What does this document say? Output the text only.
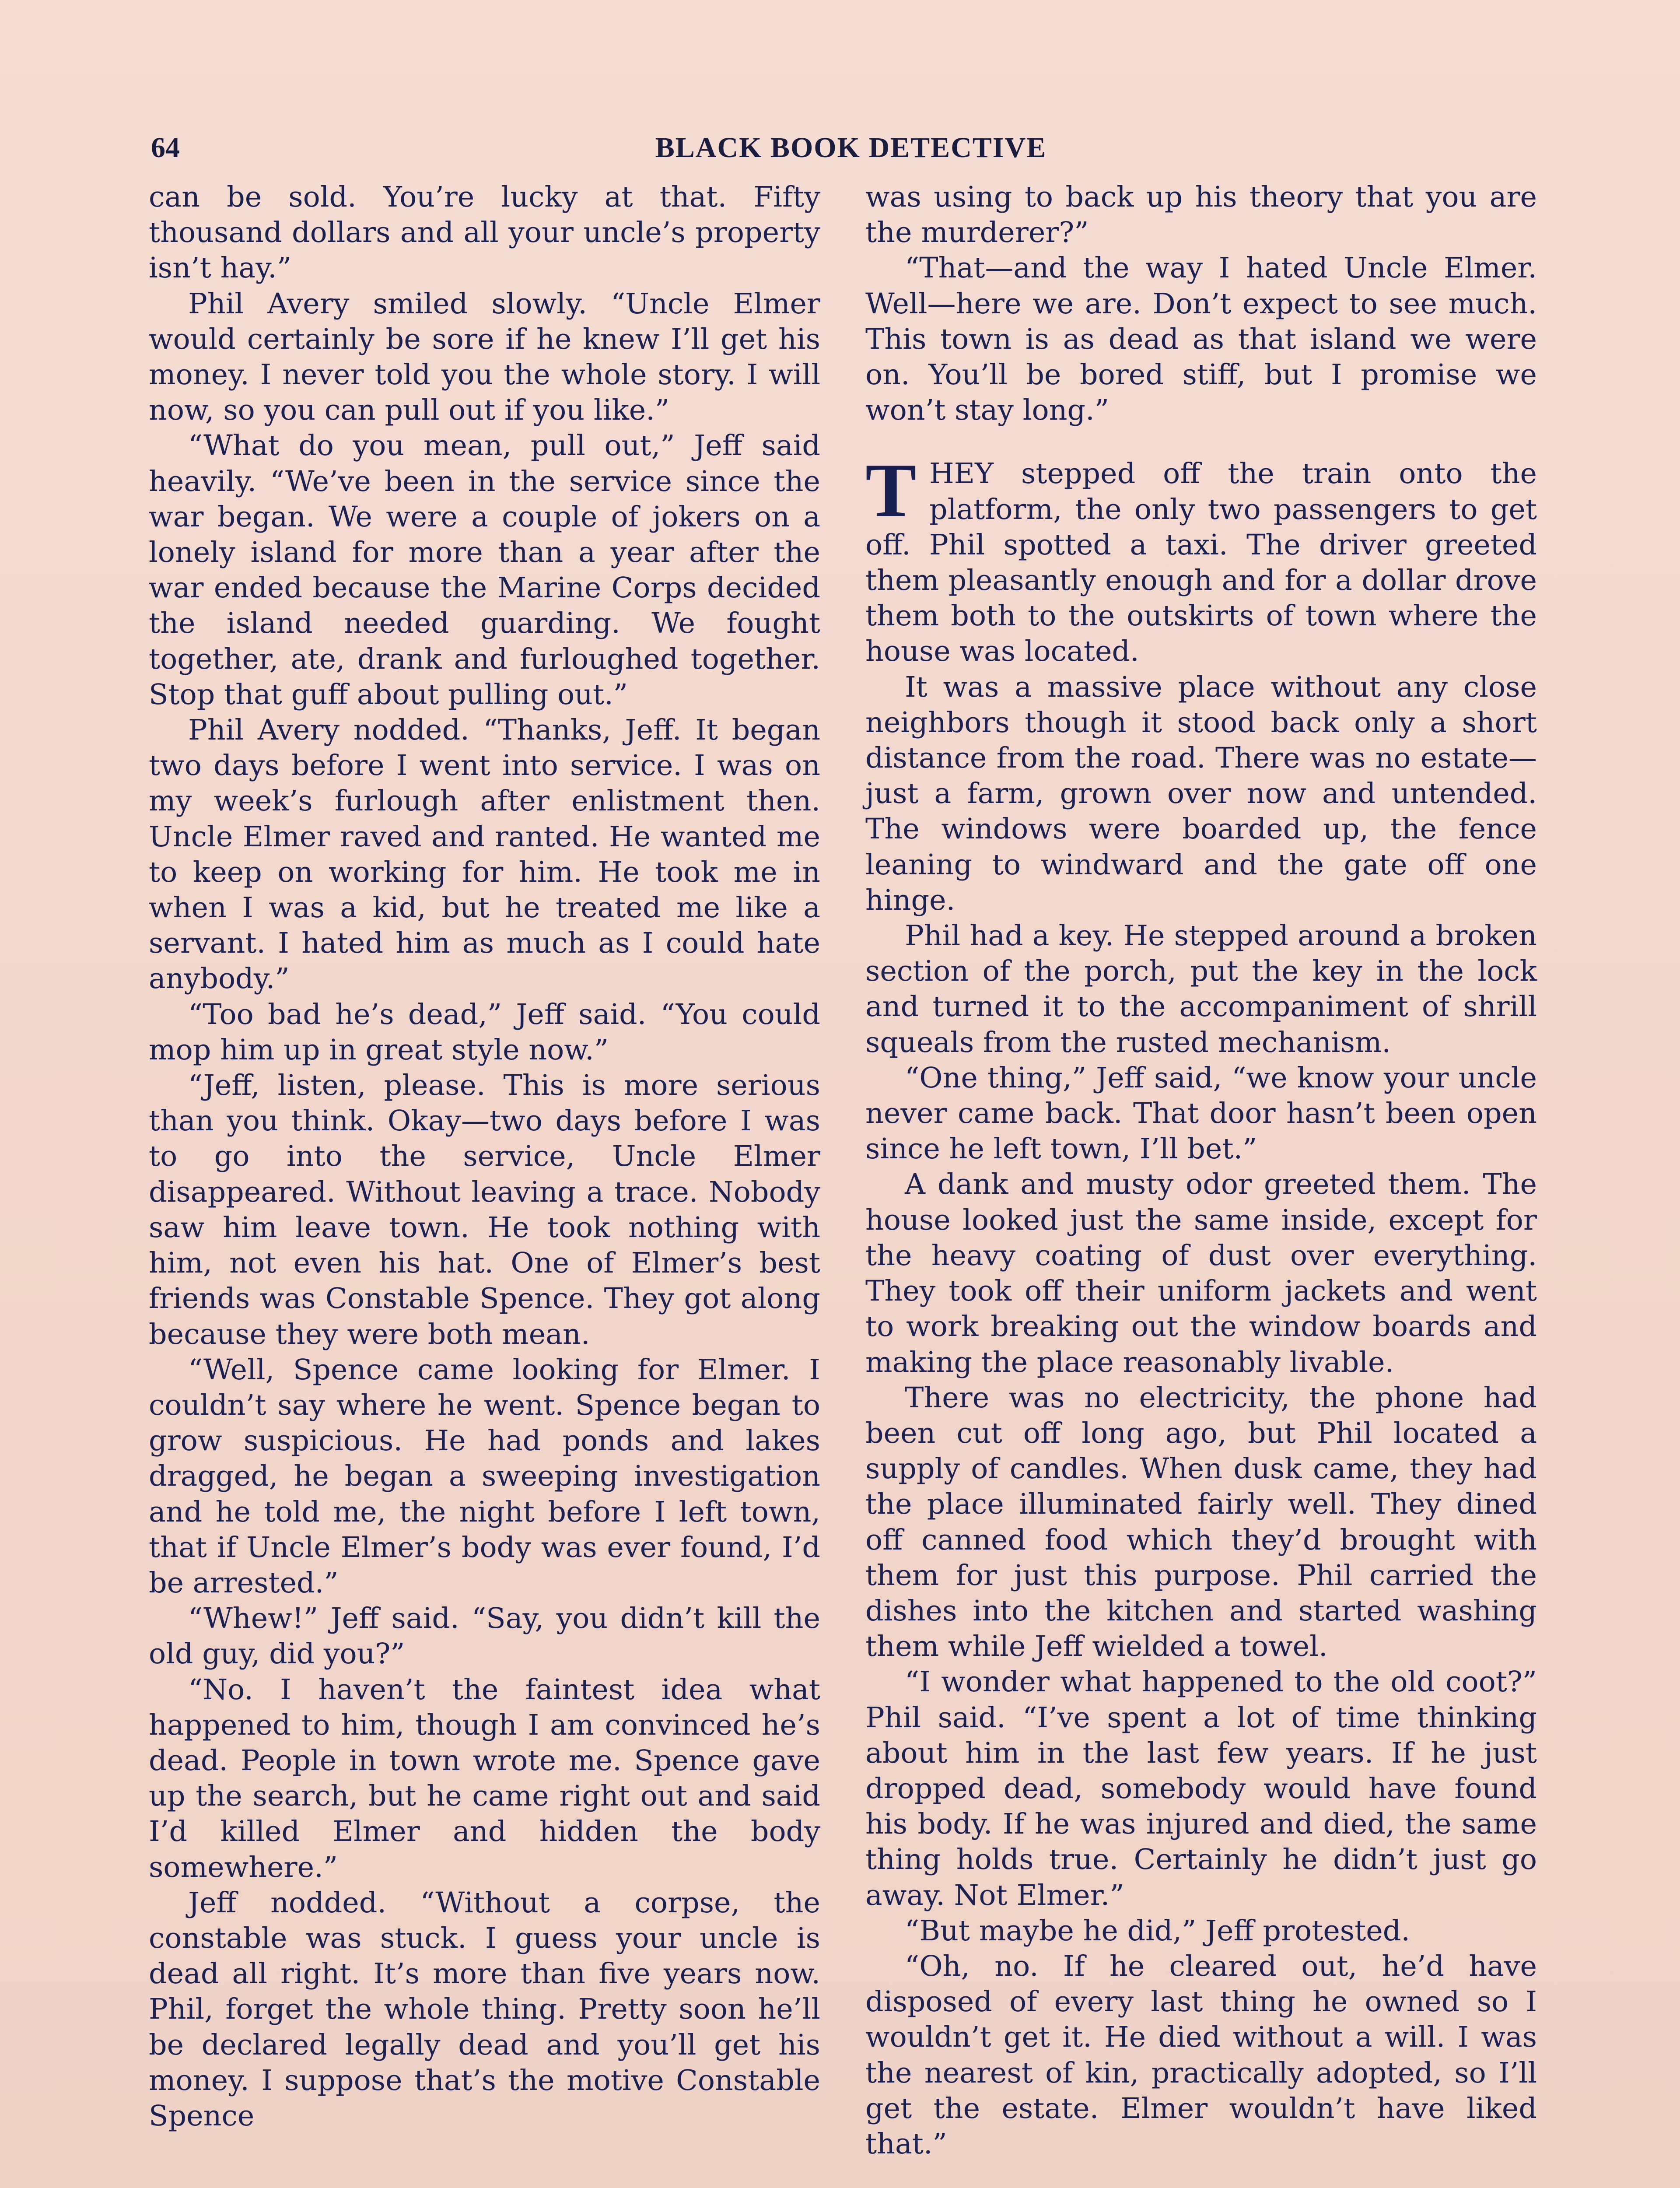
64	BLACK BOOK DETECTIVE

can be sold. You’re lucky at that. Fifty thousand dollars and all your uncle’s property isn’t hay.”

Phil Avery smiled slowly. “Uncle Elmer would certainly be sore if he knew I’ll get his money. I never told you the whole story. I will now, so you can pull out if you like.”

“What do you mean, pull out,” Jeff said heavily. “We’ve been in the service since the war began. We were a couple of jokers on a lonely island for more than a year after the war ended because the Marine Corps decided the island needed guarding. We fought together, ate, drank and furloughed together. Stop that guff about pulling out.”

Phil Avery nodded. “Thanks, Jeff. It began two days before I went into service. I was on my week’s furlough after enlistment then. Uncle Elmer raved and ranted. He wanted me to keep on working for him. He took me in when I was a kid, but he treated me like a servant. I hated him as much as I could hate anybody.”

“Too bad he’s dead,” Jeff said. “You could mop him up in great style now.”

“Jeff, listen, please. This is more serious than you think. Okay—two days before I was to go into the service, Uncle Elmer disappeared. Without leaving a trace. Nobody saw him leave town. He took nothing with him, not even his hat. One of Elmer’s best friends was Constable Spence. They got along because they were both mean.

“Well, Spence came looking for Elmer. I couldn’t say where he went. Spence began to grow suspicious. He had ponds and lakes dragged, he began a sweeping investigation and he told me, the night before I left town, that if Uncle Elmer’s body was ever found, I’d be arrested.”

“Whew!” Jeff said. “Say, you didn’t kill the old guy, did you?”

“No. I haven’t the faintest idea what happened to him, though I am convinced he’s dead. People in town wrote me. Spence gave up the search, but he came right out and said I’d killed Elmer and hidden the body somewhere.”

Jeff nodded. “Without a corpse, the constable was stuck. I guess your uncle is dead all right. It’s more than five years now. Phil, forget the whole thing. Pretty soon he’ll be declared legally dead and you’ll get his money. I suppose that’s the motive Constable Spence

was using to back up his theory that you are the murderer?”

“That—and the way I hated Uncle Elmer. Well—here we are. Don’t expect to see much. This town is as dead as that island we were on. You’ll be bored stiff, but I promise we won’t stay long.”

THEY stepped off the train onto the platform, the only two passengers to get off. Phil spotted a taxi. The driver greeted them pleasantly enough and for a dollar drove them both to the outskirts of town where the house was located.

It was a massive place without any close neighbors though it stood back only a short distance from the road. There was no estate—just a farm, grown over now and untended. The windows were boarded up, the fence leaning to windward and the gate off one hinge.

Phil had a key. He stepped around a broken section of the porch, put the key in the lock and turned it to the accompaniment of shrill squeals from the rusted mechanism.

“One thing,” Jeff said, “we know your uncle never came back. That door hasn’t been open since he left town, I’ll bet.”

A dank and musty odor greeted them. The house looked just the same inside, except for the heavy coating of dust over everything. They took off their uniform jackets and went to work breaking out the window boards and making the place reasonably livable.

There was no electricity, the phone had been cut off long ago, but Phil located a supply of candles. When dusk came, they had the place illuminated fairly well. They dined off canned food which they’d brought with them for just this purpose. Phil carried the dishes into the kitchen and started washing them while Jeff wielded a towel.

“I wonder what happened to the old coot?” Phil said. “I’ve spent a lot of time thinking about him in the last few years. If he just dropped dead, somebody would have found his body. If he was injured and died, the same thing holds true. Certainly he didn’t just go away. Not Elmer.”

“But maybe he did,” Jeff protested.

“Oh, no. If he cleared out, he’d have disposed of every last thing he owned so I wouldn’t get it. He died without a will. I was the nearest of kin, practically adopted, so I’ll get the estate. Elmer wouldn’t have liked that.”
